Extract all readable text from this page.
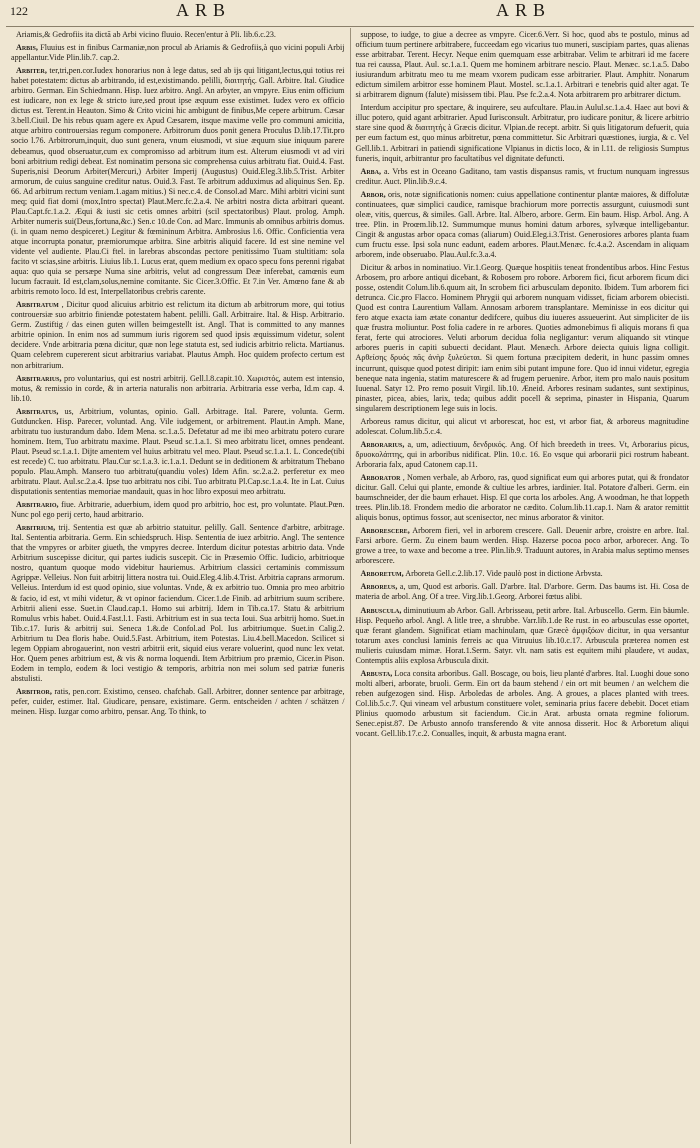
122	ARB	ARB

Ariamis,& Gedrofiis ita dictā ab Arbi vicino fluuio. Recen'entur à Pli. lib.6.c.23.

Arbis, Fluuius est in finibus Carmaniæ,non procul ab Ariamis & Gedrofiis,à quo vicini populi Arbij appellantur.Vide Plin.lib.7. cap.2.

Arbiter, ter,tri,pen.cor.Iudex honorarius non à lege datus, sed ab ijs qui litigant,lectus,qui totius rei habet potestatem: dictus ab arbitrando, id est,existimando. pelilli, διαιτητής. Gall. Arbitre. Ital. Giudice arbitro. German. Ein Schiedmann. Hisp. Iuez arbitro. Angl. An arbyter, an vmpyre. Eius enim officium est iudicare, non ex lege & stricto iure,sed prout ipse æquum esse existimet. Iudex vero ex officio dictus est. Terent.in Heauton. Simo & Crito vicini hic ambigunt de finibus,Me cepere arbitrum. Cæsar 3.bell.Ciuil. De his rebus quam agere ex Apud Cæsarem, itsque maxime velle pro communi amicitia, atque arbitro controuersias regum componere. Arbitrorum duos ponit genera Proculus D.lib.17.Tit.pro socio l.76. Arbitrorum,inquit, duo sunt genera, vnum eiusmodi, vt siue æquum siue iniquum parere debeamus, quod obseruatur,cum ex compromisso ad arbitrum itum est. Alterum eiusmodi vt ad viri boni arbitrium redigi debeat. Est nominatim persona sic comprehensa cuius arbitratu fiat. Ouid.4. Fast. Superis,nisi Deorum Arbiter(Mercuri,) Arbiter Imperij (Augustus) Ouid.Eleg.3.lib.5.Trist. Arbiter armorum, de cuius sanguine creditur natus. Ouid.3. Fast. Te arbitrum adduximus ad aliquinus Sen. Ep. 66. Ad arbitrum rectum veniam.1.agam mitius.) Si nec.c.4. de Consol.ad Marc. Mihi arbitri vicini sunt meq; quid fiat domi (mox,Intro spectat) Plaut.Merc.fc.2.a.4. Ne arbitri nostra dicta arbitrari queant. Plau.Capt.fc.1.a.2. Æqui & iusti sic cetis omnes arbitri (scil spectatoribus) Plaut. prolog. Amph. Arbiter numeris sui(Deus,fortuna,&c.) Sen.c 10.de Con. ad Marc. Immunis ab omnibus arbitris domus. (i. in quam nemo despiceret.) Legitur & fœmininum Arbitra. Ambrosius l.6. Offic. Conficientia vera atque incorrupta ponatur, præmiorumque arbitra. Sine arbitris aliquid facere. Id est sine nemine vel vidente vel audiente. Plau.Ci ftel. in larebras abscondas pectore penitissimo Tuam stultitiam: sola facito vt scias,sine arbitris. Liuius lib.1. Lucus erat, quem medium ex opaco specu fons perenni rigabat aqua: quo quia se persæpe Numa sine arbitris, velut ad congressum Deæ inferebat, camœnis eum lucum facrauit. Id est,clam,solus,nemine comitante. Sic Cicer.3.Offic. Et 7.in Ver. Amœno fane & ab arbitris remoto loco. Id est, Interpellatoribus crebris carente.

Arbitratum , Dicitur quod alicuius arbitrio est relictum ita dictum ab arbitrorum more, qui totius controuersiæ suo arbitrio finiendæ potestatem habent. pelilli. Gall. Arbitraire. Ital. & Hisp. Arbitrario. Germ. Zustiftig / das einen guten willen beimgestellt ist. Angl. That is committed to any mannes arbitrie opinion. In enim nos ad summum iuris rigorem sed quod ipsis æquissimum videtur, solent decidere. Vnde arbitraria pœna dicitur, quæ non lege statuta est, sed iudicis arbitrio relicta. Martianus. Quam celebrem cupererent sicut arbitrarius variabat. Plautus Amph. Hoc quidem profecto certum est non arbitrarium.

Arbitrarius, pro voluntarius, qui est nostri arbitrij. Gell.l.8.capit.10. Χωριστός, autem est intensio, motus, & remissio in corde, & in arteria naturalis non arbitraria. Arbitraria esse verba, Id.m cap. 4. lib.10.

Arbitratus, us, Arbitrium, voluntas, opinio. Gall. Arbitrage. Ital. Parere, volunta. Germ. Gutduncken. Hisp. Parecer, voluntad. Ang. Vile iudgement, or arbitrement. Plaut.in Amph. Mane, arbitratu tuo iusturandum dabo. Idem Mena. sc.1.a.5. Defetatur ad me ibi meo arbitratu potero curare hominem. Item, Tuo arbitratu maxime. Plaut. Pseud sc.1.a.1. Si meo arbitratu licet, omnes pendeant. Plaut. Pseud sc.1.a.1. Dijte amentem vel huius arbitratu vel meo. Plaut. Pseud sc.1.a.1. L. Concede(tibi est recede) C. tuo arbitratu. Plau.Cur sc.1.a.3. ic.1.a.1. Dedunt se in deditionem & arbitratum Thebano populo. Plau.Amph. Mansero tuo arbitratu(quandiu voles) Idem Afin. sc.2.a.2. perferetur ex meo arbitratu. Plaut. Aul.sc.2.a.4. Ipse tuo arbitratu nos cibi. Tuo arbitratu Pl.Cap.sc.1.a.4. Ite in Lat. Cuius disputationis sententias memoriae mandauit, quas in hoc libro exposui meo arbitratu.

Arbitrario, fiue. Arbitrarie, aduerbium, idem quod pro arbitrio, hoc est, pro voluntate. Plaut.Pœn. Nunc pol ego perij certo, haud arbitrario.

Arbitrium, trij. Sententia est quæ ab arbitrio statuitur. pelilly. Gall. Sentence d'arbitre, arbitrage. Ital. Sententia arbitraria. Germ. Ein schiedspruch. Hisp. Sententia de iuez arbitrio. Angl. The sentence that the vmpyres or arbiter giueth, the vmpyres decree. Interdum dicitur potestas arbitrio data. Vnde Arbitrium suscepisse dicitur, qui partes iudicis suscepit. Cic in Præsemio Offic. Iudicio, arbitrioque nostro, quantum quoque modo videbitur hauriemus. Arbitrium classici certaminis commissum Agrippæ. Velleius. Non fuit arbitrij littera nostra tui. Ouid.Eleg.4.lib.4.Trist. Arbitria caprans armorum. Velleius. Interdum id est quod opinio, siue voluntas. Vnde, & ex arbitrio tuo. Omnia pro meo arbitrio & facio, id est, vt mihi videtur, & vt opinor faciendum. Cicer.1.de Finib. ad arbitrium suum scribere. Arbitrii alieni esse. Suet.in Claud.cap.1. Homo sui arbitrij. Idem in Tib.ca.17. Statu & arbitrium Romulus vrbis habet. Ouid.4.Fast.l.1. Fasti. Arbitrium est in sua tecta Ioui. Sua arbitrij homo. Suet.in Tib.c.17. Iuris & arbitrij sui. Seneca 1.&.de Confol.ad Pol. Ius arbitriumque. Suet.in Calig.2. Arbitrium tu Dea floris habe. Ouid.5.Fast. Arbitrium, item Potestas. Liu.4.bell.Macedon. Scilicet si legem Oppiam abrogauerint, non vestri arbitrii erit, siquid eius verare voluerint, quod nunc lex vetat. Hor. Quem penes arbitrium est, & vis & norma loquendi. Item Arbitrium pro præmio, Cicer.in Pison. Eodem in templo, eodem & loci vestigio & temporis, arbitria non mei solum sed patriæ funeris abstulisti.

Arbitror, ratis, pen.corr. Existimo, censeo. chafchab. Gall. Arbitrer, donner sentence par arbitrage, pefer, cuider, estimer. Ital. Giudicare, pensare, existimare. Germ. entscheiden / achten / schätzen / meinen. Hisp. Iuzgar como arbitro, pensar. Ang. To think, to

suppose, to iudge, to giue a decree as vmpyre. Cicer.6.Verr. Si hoc, quod abs te postulo, minus ad officium tuum pertinere arbitrabere, fucceedam ego vicarius tuo muneri, suscipiam partes, quas alienas esse arbitrabar. Terent. Hecyr. Neque enim quemquam esse arbitrabar. Velim te arbitrari id me facere tua rei caussa, Plaut. Aul. sc.1.a.1. Quem me hominem arbitrare nescio. Plaut. Menæc. sc.1.a.5. Dabo iusiurandum arbitratu meo tu me meam vxorem pudicam esse arbitrarier. Plaut. Amphitr. Nonarum edictum similem arbitror esse hominem Plaut. Mostel. sc.1.a.1. Arbitrari e tenebris quid alter agat. Te si arbitrarem dignum (falute) misissem tibi. Plau. Pse fc.2.a.4. Nota arbitrarem pro arbitrarer dictum.

Interdum accipitur pro spectare, & inquirere, seu aufcultare. Plau.in Aulul.sc.1.a.4. Haec aut bovi & illuc potero, quid agant arbitrarier. Apud Iurisconsult. Arbitratur, pro iudicare ponitur, & licere arbitrio stare sine quod & διαιτητής à Græcis dicitur. Vlpian.de recept. arbitr. Si quis litigatorum defuerit, quia per eum factum est, quo minus arbitretur, pœna committetur. Sic Arbitrari quæstiones, iurgia, & c. Vel Gell.lib.1. Arbitrari in patiendi significatione Vlpianus in dictis loco, & in l.11. de religiosis Sumptus funeris, inquit, arbitrantur pro facultatibus vel dignitate defuncti.

Arba, a. Vrbs est in Oceano Gaditano, tam vastis dispansus ramis, vt fructum nunquam ingressus creditur. Auct. Plin.lib.9.c.4.

Arbor, oris, notæ significationis nomen: cuius appellatione continentur plantæ maiores, & diffolutæ continuatees, quæ simplici caudice, ramisque brachiorum more porrectis assurgunt, cuiusmodi sunt oleæ, vitis, quercus, & similes. Gall. Arbre. Ital. Albero, arbore. Germ. Ein baum. Hisp. Arbol. Ang. A tree. Plin. in Proœm.lib.12. Summumque munus homini datum arbores, sylvæque intelligebantur. Cingit & angustas arbor opaca comas (aliarum) Ouid.Eleg.i.3.Trist. Generosiores arbores planta fuam cum fructu esse. Ipsi sola nunc eadunt, eadem arbores. Plaut.Menæc. fc.4.a.2. Ascendam in aliquam arborem, inde obseruabo. Plau.Aul.fc.3.a.4.

Dicitur & arbos in nominatiuo. Vir.1.Georg. Quæque hospitiis teneat frondentibus arbos. Hinc Festus Arbosem, pro arbore antiqui dicebant, & Robosem pro robore. Arborem fici, ficut arborem ficum dici posse, ostendit Colum.lib.6.quum ait, In scrobem fici arbusculam deponito. Ibidem. Tum arborem fici detrunca. Cic.pro Flacco. Hominem Phrygii qui arborem nunquam vidisset, ficiam arborem obiecisti. Quod est contra Laurentium Vallam. Annosam arborem transplantare. Meminisse in eos dicitur qui fero atque exacta iam ætate conantur dedifcere, quibus diu iuueres assueuerint. Aut simpliciter de iis quæ frustra moliuntur. Post folia cadere in re arbores. Quoties admonebimus fi aliquis morans fi qua ferat, ferte qui atrociores. Veluti arborum decidua folia negligantur: verum aliquando sit vtinque arbores pueris in capiti subuecti decidant. Plaut. Menæch. Arbore deiecta quiuis ligna colligit. Αρθείσης δρυός πᾶς ἀνὴρ ξυλεύεται. Si quem fortuna præcipitem dederit, in hunc passim omnes incurrunt, quisque quod potest diripit: iam enim sibi putant impune fore. Quo id innui videtur, egregia beneque nata ingenia, statim maturescere & ad frugem peruenire. Arbor, item pro malo nauis positum Iuuenal. Satyr 12. Pro remo posuit Virgil. lib.10. Æneid. Arbores resinam sudantes, sunt sextipinus, pinaster, picea, abies, larix, teda; quibus addit pocell & seprima, pinaster in Hispania, Quarum singularem descriptionem lege suis in locis.

Arboreus ramus dicitur, qui alicut vt arborescat, hoc est, vt arbor fiat, & arboreus magnitudine adolescat. Colum.lib.5.c.4.

Arborarius, a, um, adiectiuum, δενδρικός. Ang. Of hich breedeth in trees. Vt, Arborarius picus, δρυοκολάπτης, qui in arboribus nidificat. Plin. 10.c. 16. Eo vsque qui arborarii pici rostrum habeant. Arboraria falx, apud Catonem cap.11.

Arborator , Nomen verbale, ab Arboro, ras, quod significat eum qui arbores putat, qui & frondator dicitur. Gall. Celui qui plante, emonde & cultiue les arbres, iardinier. Ital. Potatore d'alberi. Germ. ein baumschneider, der die baum erhauet. Hisp. El que corta los arboles. Ang. A woodman, he that loppeth trees. Plin.lib.18. Frondem medio die arborator ne cædito. Colum.lib.11.cap.1. Nam & arator remittit aliquis bonus, optimus fossor, aut scenisector, nec minus arborator & vinitor.

Arborescere, Arborem fieri, vel in arborem crescere. Gall. Deuenir arbre, croistre en arbre. Ital. Farsi arbore. Germ. Zu einem baum werden. Hisp. Hazerse pocoa poco arbor, arborecer. Ang. To growe a tree, to waxe and become a tree. Plin.lib.9. Traduunt autores, in Arabia malus septimo menses arborescere.

Arboretum, Arboreta Gell.c.2.lib.17. Vide paulò post in dictione Arbvsta.

Arboreus, a, um, Quod est arboris. Gall. D'arbre. Ital. D'arbore. Germ. Das baums ist. Hi. Cosa de materia de arbol. Ang. Of a tree. Virg.lib.1.Georg. Arborei fœtus alibi.

Arbuscula, diminutiuum ab Arbor. Gall. Arbrisseau, petit arbre. Ital. Arbuscello. Germ. Ein bäumle. Hisp. Pequeño arbol. Angl. A litle tree, a shrubbe. Varr.lib.1.de Re rust. in eo arbusculas esse oportet, quæ ferant glandem. Significat etiam machinulam, quæ Græcè ἀμφιξόων dicitur, in qua versantur totarum axes conclusi laminis ferreis ac qua Vitruuius lib.10.c.17. Arbuscula præterea nomen est mulieris cuiusdam mimæ. Horat.1.Serm. Satyr. vlt. nam satis est equitem mihi plaudere, vt audax, Contemptis aliis explosa Arbuscula dixit.

Arbusta, Loca consita arboribus. Gall. Boscage, ou bois, lieu planté d'arbres. Ital. Luoghi doue sono molti alberi, arborate, bruoli. Germ. Ein ort da baum stehend / ein ort mit beumen / an welchem die reben aufgezogen sind. Hisp. Arboledas de arboles. Ang. A groues, a places planted with trees. Col.lib.5.c.7. Qui vineam vel arbustum constituere volet, seminaria prius facere debebit. Docet etiam Plinius quomodo arbustum sit faciendum. Cic.in Arat. arbusta ornata regmine foliorum. Senec.epist.87. De Arbusto annofo transferendo & vite annosa disserit. Hoc & Arboretum aliqui vocant. Gell.lib.17.c.2. Conualles, inquit, & arbusta magna erant.
